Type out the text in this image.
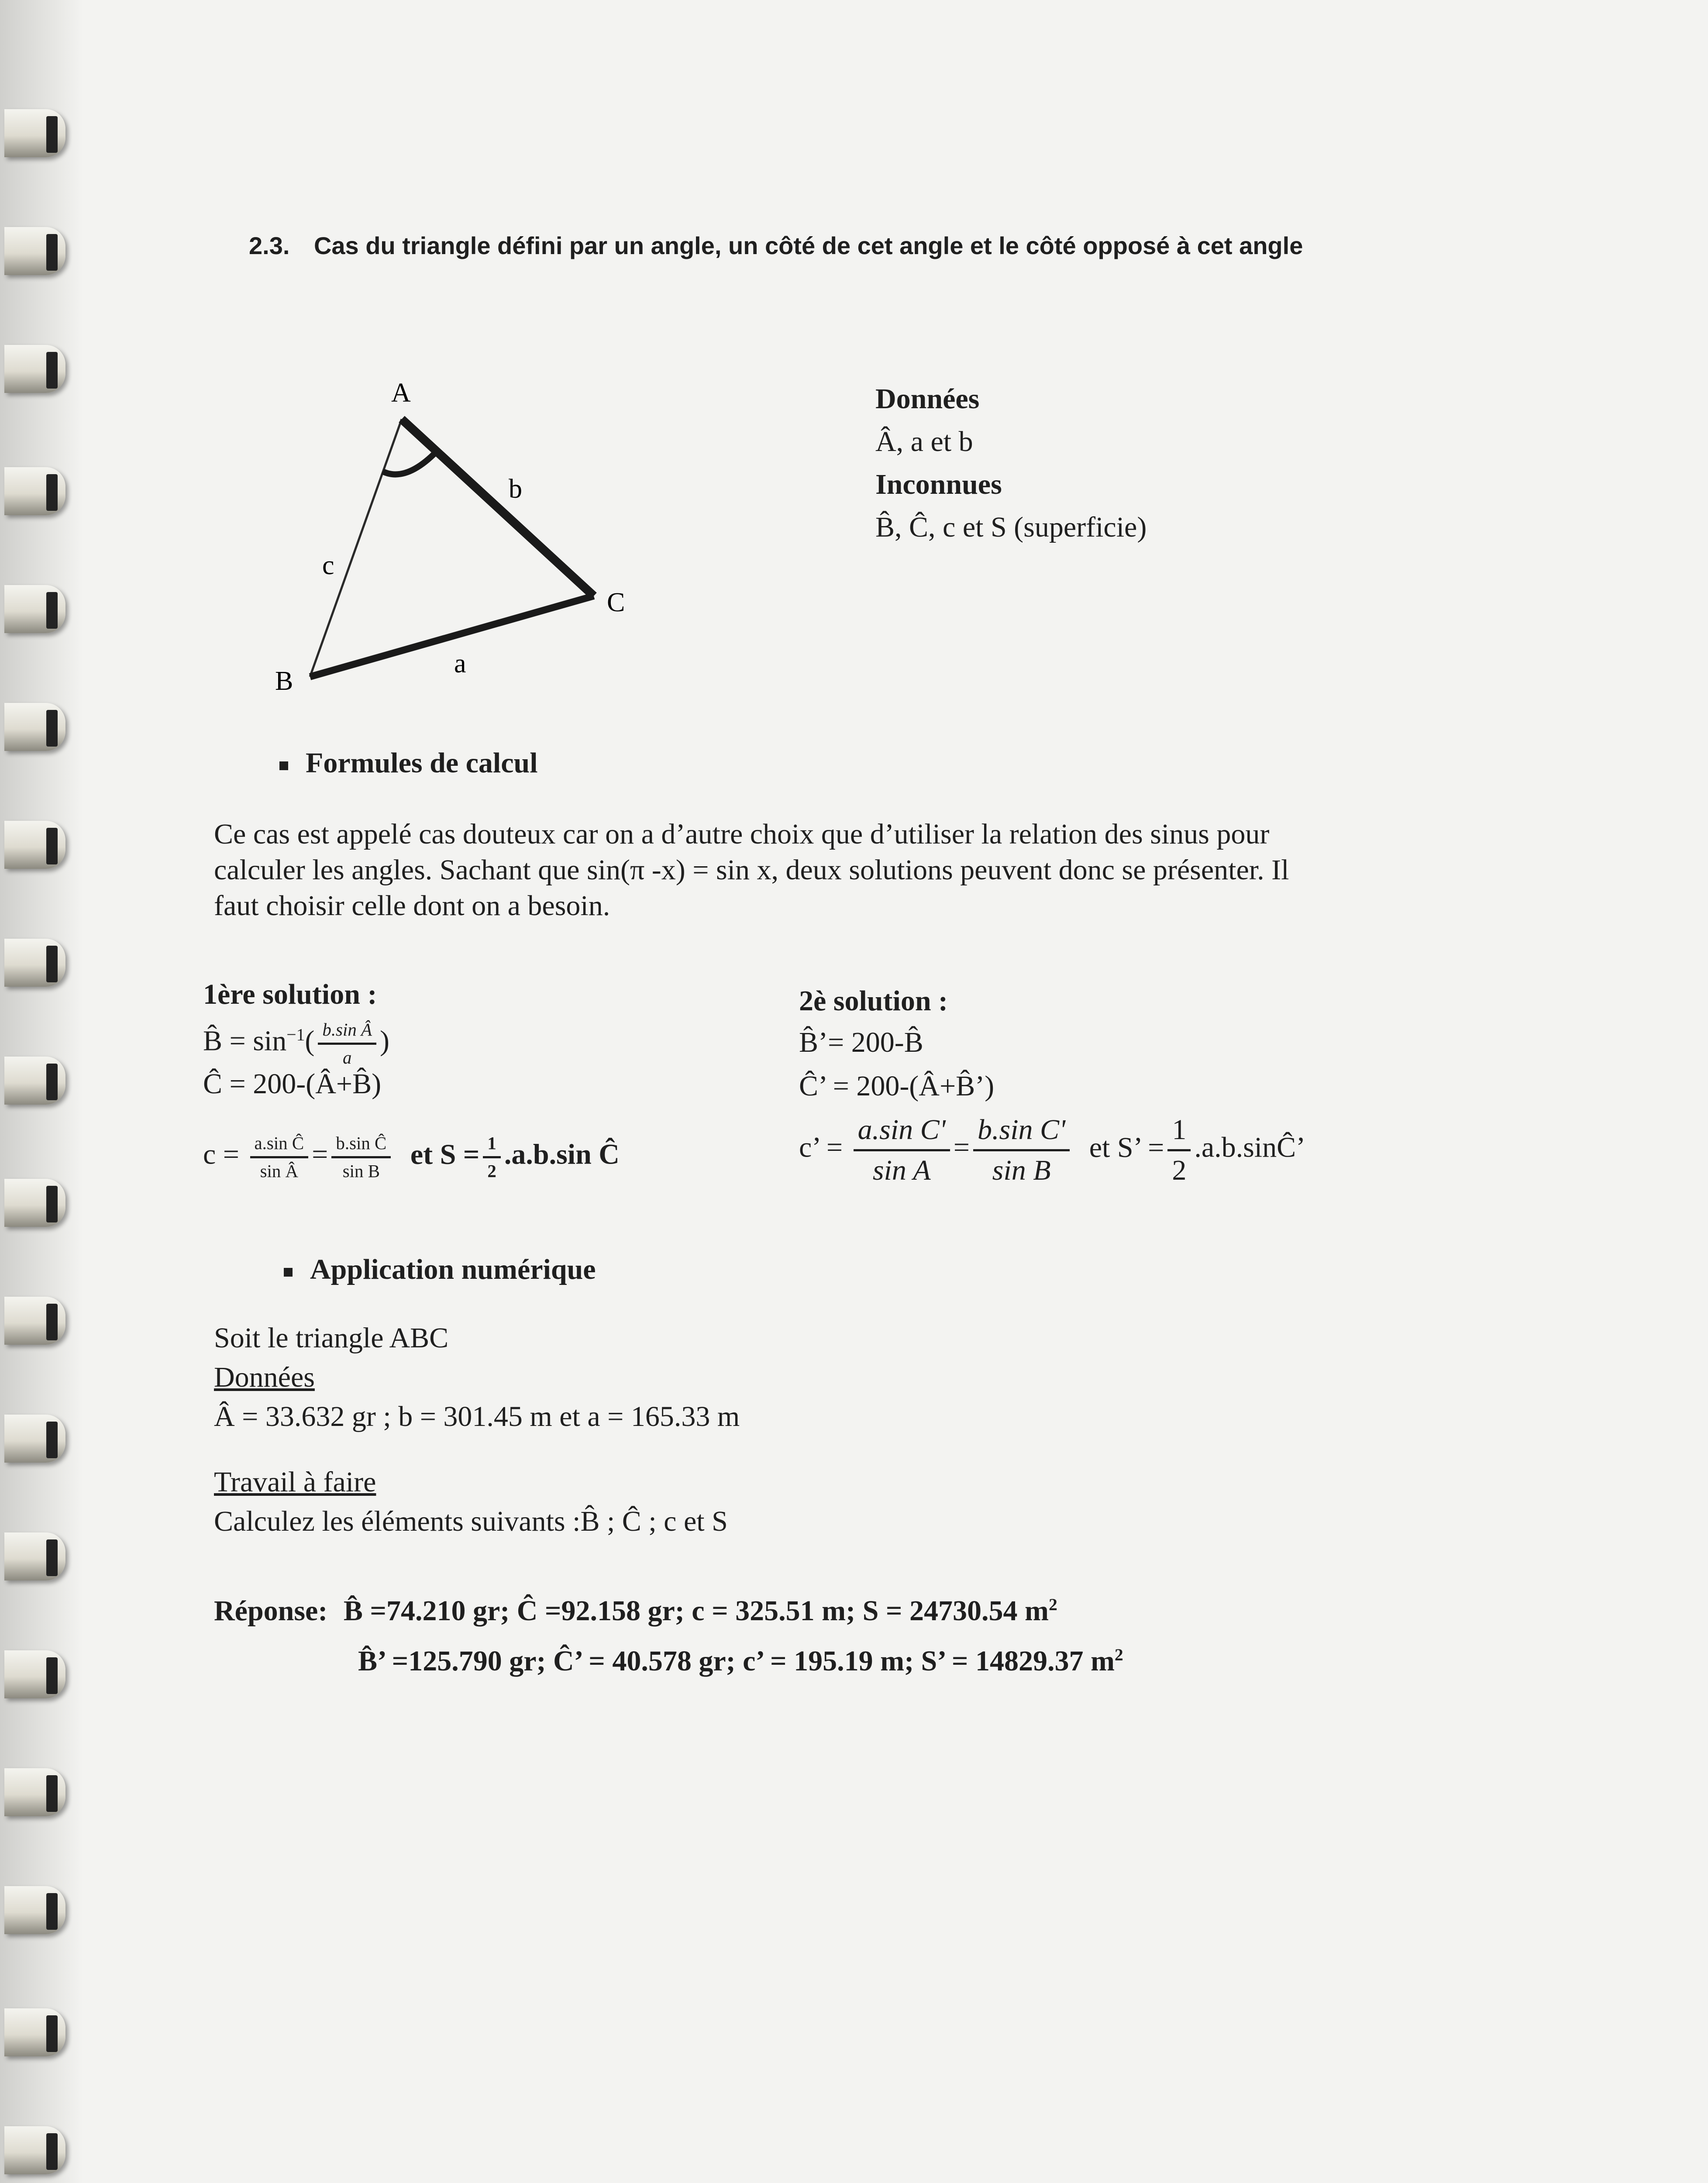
2.3. Cas du triangle défini par un angle, un côté de cet angle et le côté opposé à cet angle
A
B
C
a
b
c
Données
Â, a et b
Inconnues
B̂, Ĉ, c et S (superficie)
Formules de calcul
Ce cas est appelé cas douteux car on a d’autre choix que d’utiliser la relation des sinus pour
calculer les angles. Sachant que sin(π -x) = sin x, deux solutions peuvent donc se présenter. Il
faut choisir celle dont on a besoin.
1ère solution :
B̂ = $\sin^{-1}( \frac{\text{b.sin Â}}{a}$ )
Ĉ = 200-(Â+B̂)
$c = \frac{\text{a.sin Ĉ}}{\text{sin Â}} = \frac{\text{b.sin Ĉ}}{\text{sin B}}$ et $S = \frac{1}{2} .a.b.\sin$ Ĉ
2è solution :
B̂’= 200-B̂
Ĉ’ = 200-(Â+B̂’)
c’ = $\frac{\text{a.sin C'}}{\text{sin A}} = \frac{\text{b.sin C'}}{\text{sin B}}$ et S’ = $\frac{1}{2}$ .a.b.sinĈ’
Application numérique
Soit le triangle ABC
Données
Â = 33.632 gr ; b = 301.45 m et a = 165.33 m
Travail à faire
Calculez les éléments suivants :B̂ ; Ĉ ; c et S
Réponse: B̂ =74.210 gr; Ĉ =92.158 gr; c = 325.51 m; S = 24730.54 $m^2$
B̂’ =125.790 gr; Ĉ’ = 40.578 gr; c’ = 195.19 m; S’ = 14829.37 $m^2$
